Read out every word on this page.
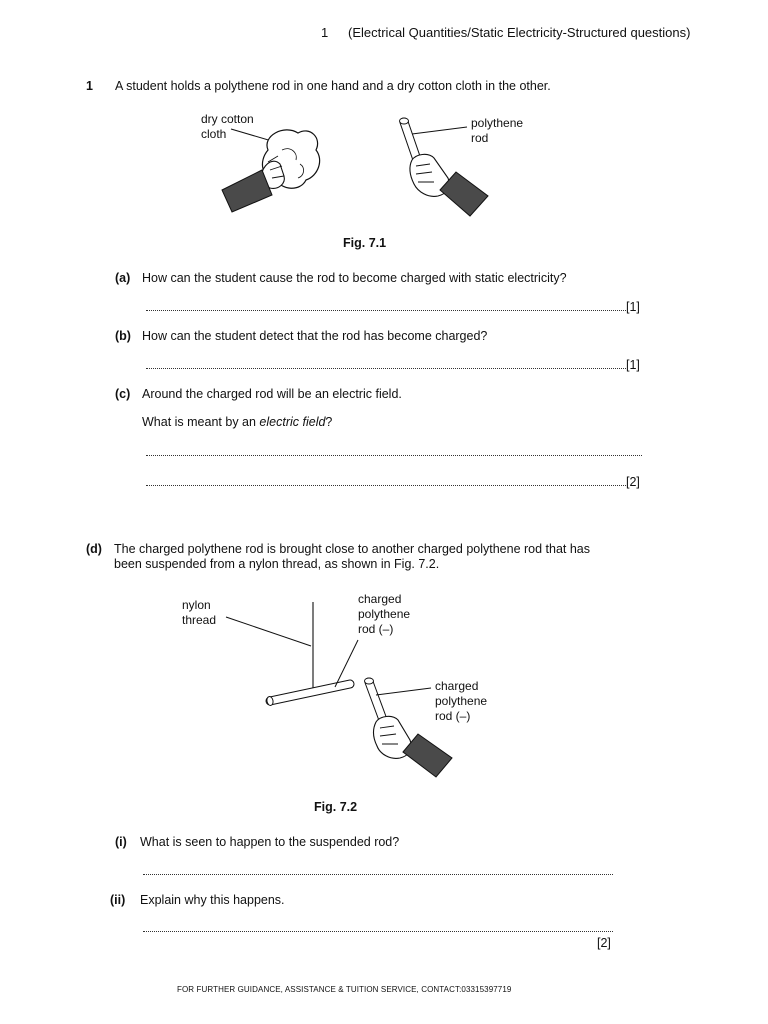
1 (Electrical Quantities/Static Electricity-Structured questions)
1 A student holds a polythene rod in one hand and a dry cotton cloth in the other.
dry cotton
cloth
polythene
rod
Fig. 7.1
(a) How can the student cause the rod to become charged with static electricity?
[1]
(b) How can the student detect that the rod has become charged?
[1]
(c) Around the charged rod will be an electric field.
What is meant by an electric field?
[2]
(d) The charged polythene rod is brought close to another charged polythene rod that has
been suspended from a nylon thread, as shown in Fig. 7.2.
nylon
thread
charged
polythene
rod (–)
charged
polythene
rod (–)
Fig. 7.2
(i) What is seen to happen to the suspended rod?
(ii) Explain why this happens.
[2]
FOR FURTHER GUIDANCE, ASSISTANCE & TUITION SERVICE, CONTACT:03315397719
